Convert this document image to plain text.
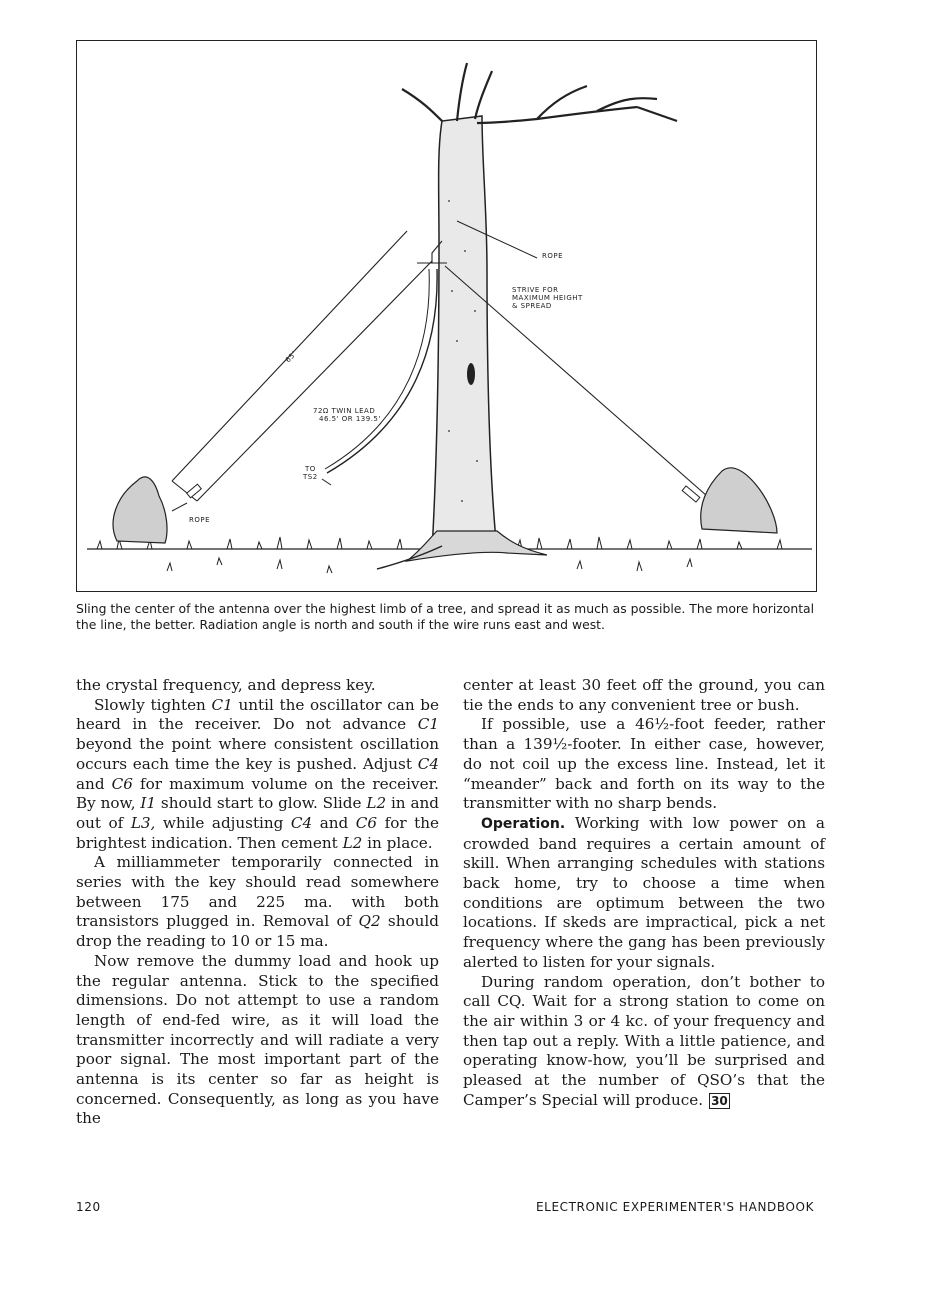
ROPE
STRIVE FOR
MAXIMUM HEIGHT
& SPREAD
65'
72Ω TWIN LEAD
46.5' OR 139.5'
TO
TS2
ROPE
Sling the center of the antenna over the highest limb of a tree, and spread it as much as possible. The more horizontal the line, the better. Radiation angle is north and south if the wire runs east and west.

the crystal frequency, and depress key.

Slowly tighten C1 until the oscillator can be heard in the receiver. Do not advance C1 beyond the point where consistent oscillation occurs each time the key is pushed. Adjust C4 and C6 for maximum volume on the receiver. By now, I1 should start to glow. Slide L2 in and out of L3, while adjusting C4 and C6 for the brightest indication. Then cement L2 in place.

A milliammeter temporarily connected in series with the key should read somewhere between 175 and 225 ma. with both transistors plugged in. Removal of Q2 should drop the reading to 10 or 15 ma.

Now remove the dummy load and hook up the regular antenna. Stick to the specified dimensions. Do not attempt to use a random length of end-fed wire, as it will load the transmitter incorrectly and will radiate a very poor signal. The most important part of the antenna is its center so far as height is concerned. Consequently, as long as you have the

center at least 30 feet off the ground, you can tie the ends to any convenient tree or bush.

If possible, use a 46½-foot feeder, rather than a 139½-footer. In either case, however, do not coil up the excess line. Instead, let it “meander” back and forth on its way to the transmitter with no sharp bends.

Operation. Working with low power on a crowded band requires a certain amount of skill. When arranging schedules with stations back home, try to choose a time when conditions are optimum between the two locations. If skeds are impractical, pick a net frequency where the gang has been previously alerted to listen for your signals.

During random operation, don’t bother to call CQ. Wait for a strong station to come on the air within 3 or 4 kc. of your frequency and then tap out a reply. With a little patience, and operating know-how, you’ll be surprised and pleased at the number of QSO’s that the Camper’s Special will produce. 30

120	ELECTRONIC EXPERIMENTER'S HANDBOOK
